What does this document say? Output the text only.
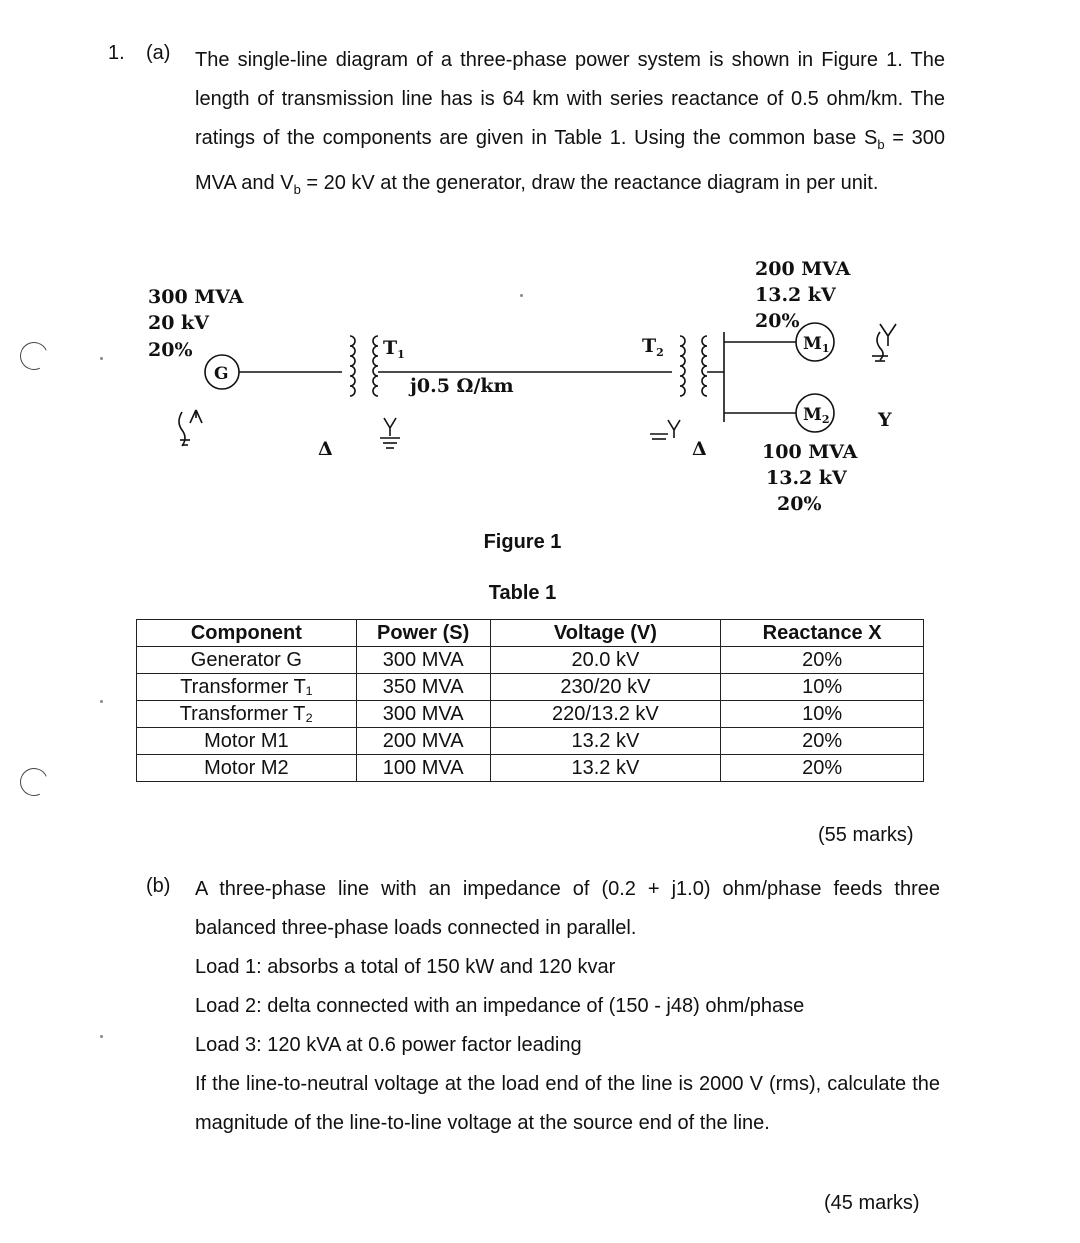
1. (a) The single-line diagram of a three-phase power system is shown in Figure 1. The length of transmission line has is 64 km with series reactance of 0.5 ohm/km. The ratings of the components are given in Table 1. Using the common base $S_b = 300$ MVA and $V_b = 20$ kV at the generator, draw the reactance diagram in per unit.

300 MVA
20 kV
20%
G
$T_1$
Δ
j0.5 Ω/km
$T_2$
Δ
200 MVA
13.2 kV
20%
M1
M2	Y
100 MVA
13.2 kV
20%
Figure 1
Table 1
Component	Power (S)	Voltage (V)	Reactance X
Generator G	300 MVA	20.0 kV	20%
Transformer T₁	350 MVA	230/20 kV	10%
Transformer T₂	300 MVA	220/13.2 kV	10%
Motor M1	200 MVA	13.2 kV	20%
Motor M2	100 MVA	13.2 kV	20%
(55 marks)
(b) A three-phase line with an impedance of (0.2 + j1.0) ohm/phase feeds three balanced three-phase loads connected in parallel.

Load 1: absorbs a total of 150 kW and 120 kvar

Load 2: delta connected with an impedance of (150 - j48) ohm/phase

Load 3: 120 kVA at 0.6 power factor leading

If the line-to-neutral voltage at the load end of the line is 2000 V (rms), calculate the magnitude of the line-to-line voltage at the source end of the line.

(45 marks)
